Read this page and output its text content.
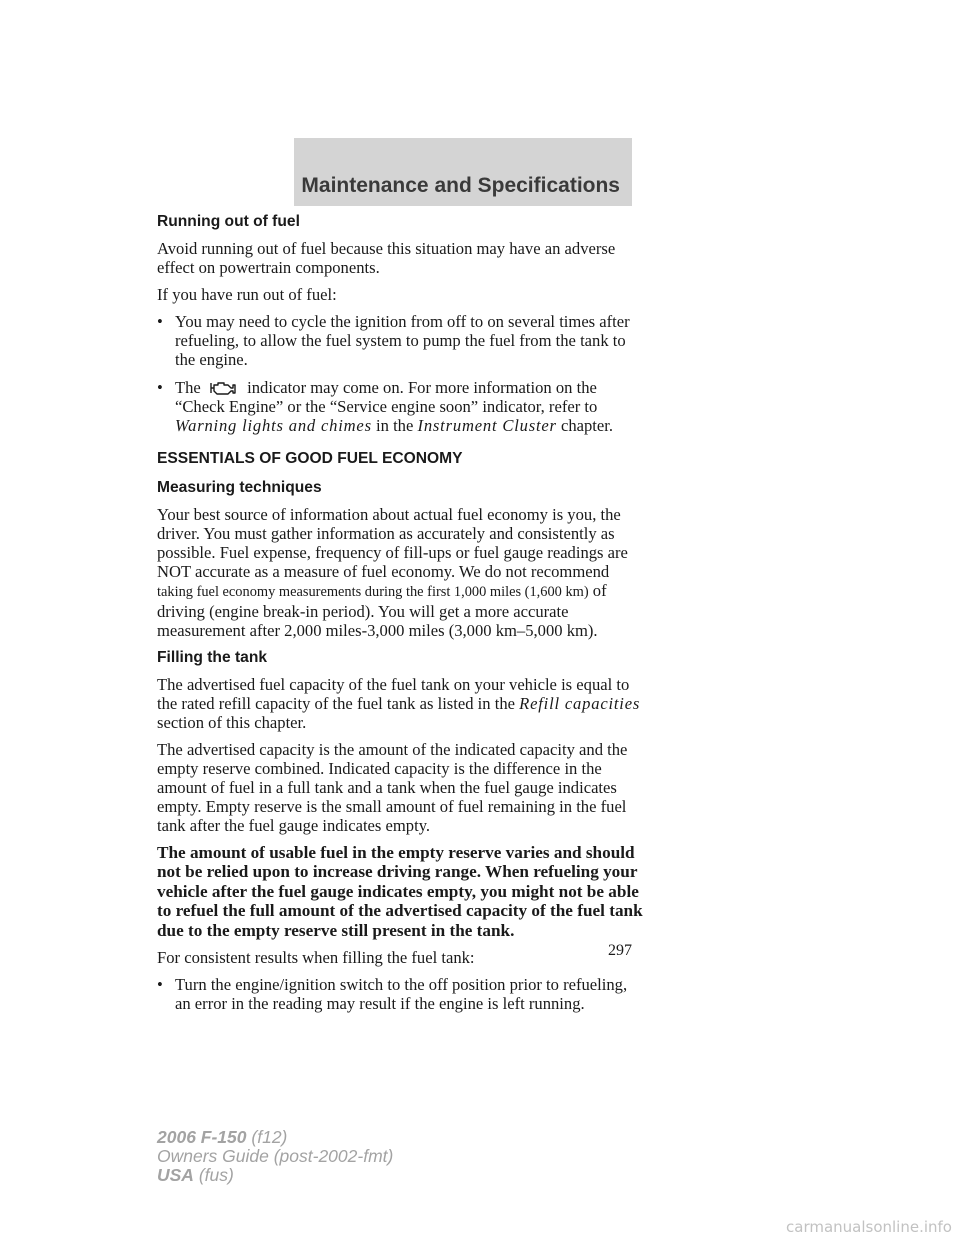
Maintenance and Specifications
Running out of fuel

Avoid running out of fuel because this situation may have an adverse effect on powertrain components.

If you have run out of fuel:

• You may need to cycle the ignition from off to on several times after refueling, to allow the fuel system to pump the fuel from the tank to the engine.
• The	indicator may come on. For more information on the “Check Engine” or the “Service engine soon” indicator, refer to Warning lights and chimes in the Instrument Cluster chapter.
ESSENTIALS OF GOOD FUEL ECONOMY
Measuring techniques

Your best source of information about actual fuel economy is you, the driver. You must gather information as accurately and consistently as possible. Fuel expense, frequency of fill-ups or fuel gauge readings are NOT accurate as a measure of fuel economy. We do not recommend taking fuel economy measurements during the first 1,000 miles (1,600 km) of driving (engine break-in period). You will get a more accurate measurement after 2,000 miles-3,000 miles (3,000 km–5,000 km).

Filling the tank

The advertised fuel capacity of the fuel tank on your vehicle is equal to the rated refill capacity of the fuel tank as listed in the Refill capacities section of this chapter.

The advertised capacity is the amount of the indicated capacity and the empty reserve combined. Indicated capacity is the difference in the amount of fuel in a full tank and a tank when the fuel gauge indicates empty. Empty reserve is the small amount of fuel remaining in the fuel tank after the fuel gauge indicates empty.

The amount of usable fuel in the empty reserve varies and should not be relied upon to increase driving range. When refueling your vehicle after the fuel gauge indicates empty, you might not be able to refuel the full amount of the advertised capacity of the fuel tank due to the empty reserve still present in the tank.

For consistent results when filling the fuel tank:

• Turn the engine/ignition switch to the off position prior to refueling, an error in the reading may result if the engine is left running.
297
2006 F-150 (f12)
Owners Guide (post-2002-fmt)
USA (fus)
carmanualsonline.info
